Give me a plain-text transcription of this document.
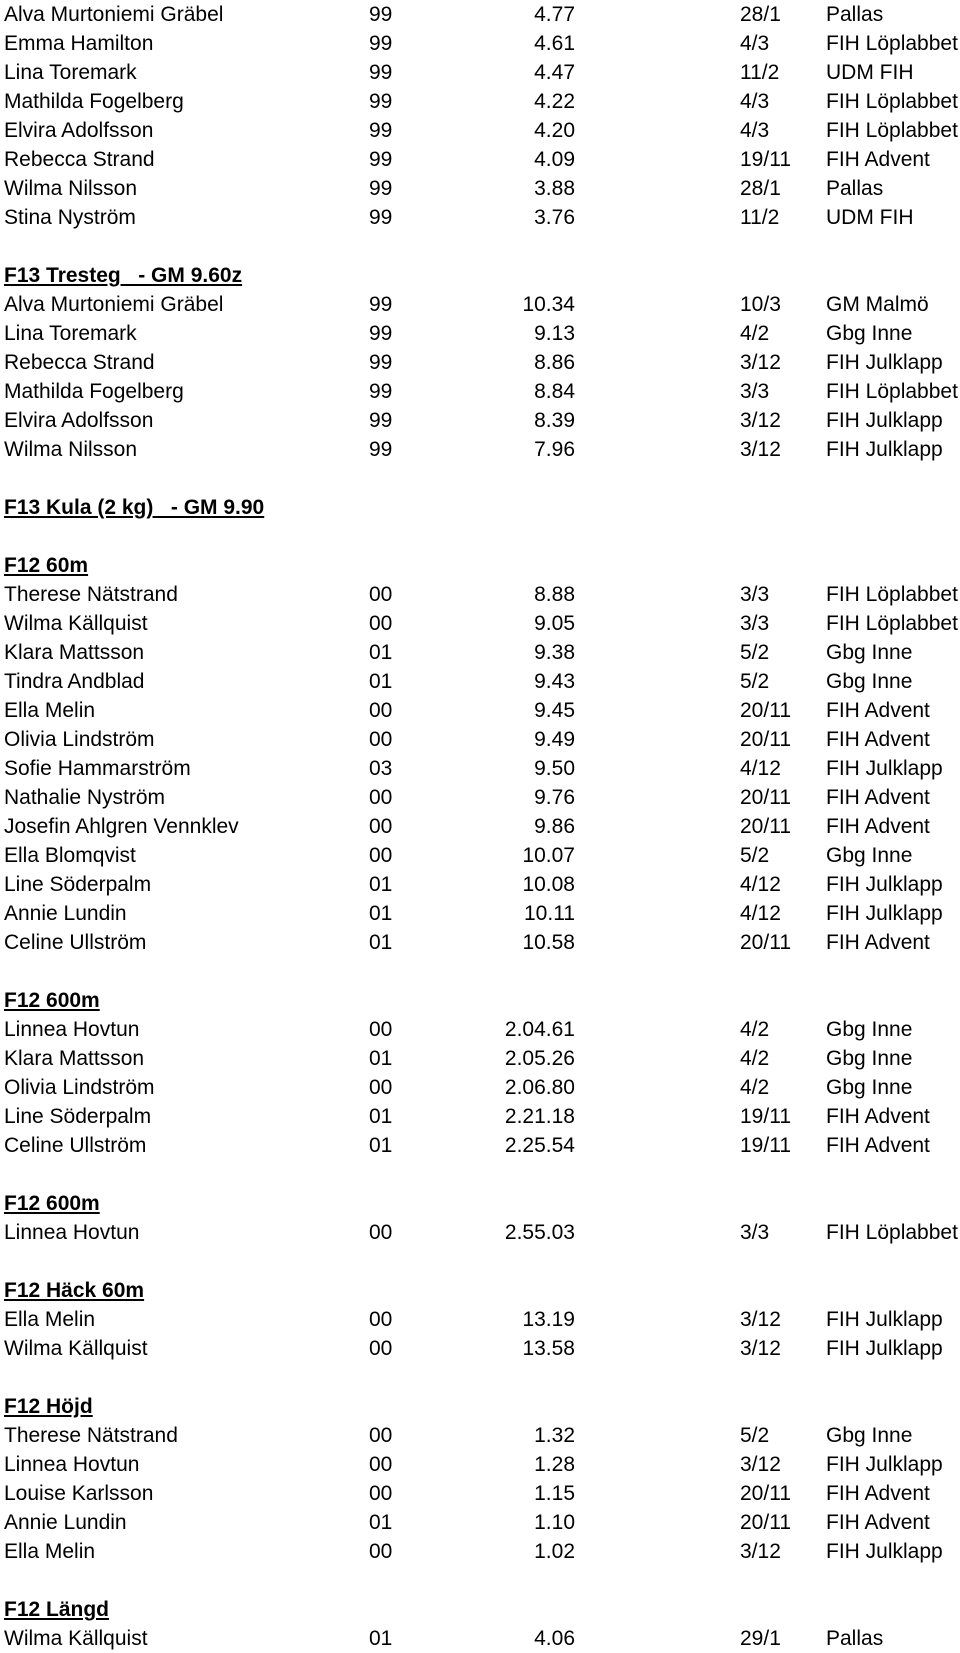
Alva Murtoniemi Gräbel	99	4.77	28/1 Pallas
Emma Hamilton	99	4.61	4/3	FIH Löplabbet
Lina Toremark	99	4.47	11/2 UDM FIH
Mathilda Fogelberg	99	4.22	4/3	FIH Löplabbet
Elvira Adolfsson	99	4.20	4/3	FIH Löplabbet
Rebecca Strand	99	4.09	19/11 FIH Advent
Wilma Nilsson	99	3.88	28/1 Pallas
Stina Nyström	99	3.76	11/2 UDM FIH
F13 Tresteg   - GM 9.60z
Alva Murtoniemi Gräbel	99	10.34	10/3 GM Malmö
Lina Toremark	99	9.13	4/2	Gbg Inne
Rebecca Strand	99	8.86	3/12 FIH Julklapp
Mathilda Fogelberg	99	8.84	3/3	FIH Löplabbet
Elvira Adolfsson	99	8.39	3/12 FIH Julklapp
Wilma Nilsson	99	7.96	3/12 FIH Julklapp
F13 Kula (2 kg)   - GM 9.90
F12 60m
Therese Nätstrand	00	8.88	3/3	FIH Löplabbet
Wilma Källquist	00	9.05	3/3	FIH Löplabbet
Klara Mattsson	01	9.38	5/2	Gbg Inne
Tindra Andblad	01	9.43	5/2	Gbg Inne
Ella Melin	00	9.45	20/11 FIH Advent
Olivia Lindström	00	9.49	20/11 FIH Advent
Sofie Hammarström	03	9.50	4/12 FIH Julklapp
Nathalie Nyström	00	9.76	20/11 FIH Advent
Josefin Ahlgren Vennklev	00	9.86	20/11 FIH Advent
Ella Blomqvist	00	10.07	5/2	Gbg Inne
Line Söderpalm	01	10.08	4/12 FIH Julklapp
Annie Lundin	01	10.11	4/12 FIH Julklapp
Celine Ullström	01	10.58	20/11 FIH Advent
F12 600m
Linnea Hovtun	00	2.04.61	4/2	Gbg Inne
Klara Mattsson	01	2.05.26	4/2	Gbg Inne
Olivia Lindström	00	2.06.80	4/2	Gbg Inne
Line Söderpalm	01	2.21.18	19/11 FIH Advent
Celine Ullström	01	2.25.54	19/11 FIH Advent
F12 600m
Linnea Hovtun	00	2.55.03	3/3	FIH Löplabbet
F12 Häck 60m
Ella Melin	00	13.19	3/12 FIH Julklapp
Wilma Källquist	00	13.58	3/12 FIH Julklapp
F12 Höjd
Therese Nätstrand	00	1.32	5/2	Gbg Inne
Linnea Hovtun	00	1.28	3/12 FIH Julklapp
Louise Karlsson	00	1.15	20/11 FIH Advent
Annie Lundin	01	1.10	20/11 FIH Advent
Ella Melin	00	1.02	3/12 FIH Julklapp
F12 Längd
Wilma Källquist	01	4.06	29/1 Pallas
